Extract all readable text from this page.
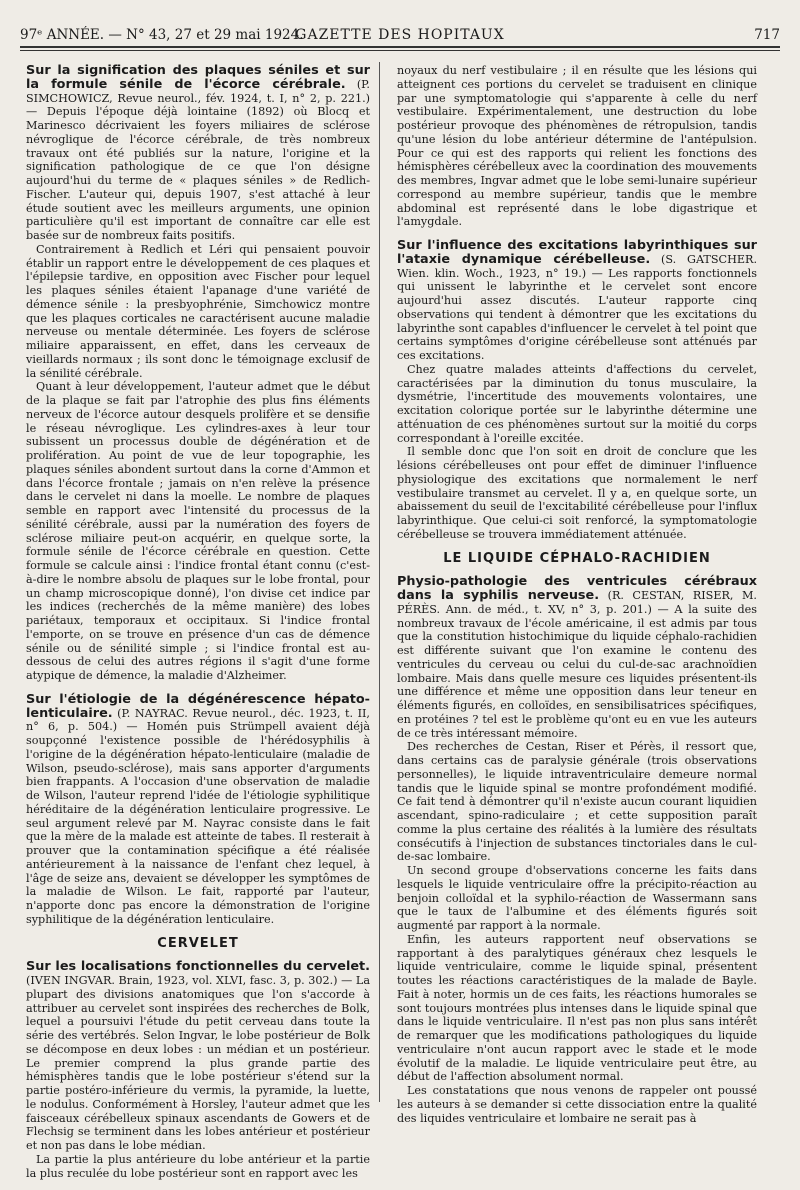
97ᵉ ANNÉE. — N° 43, 27 et 29 mai 1924.
GAZETTE DES HOPITAUX	717

Sur la signification des plaques séniles et sur la formule sénile de l'écorce cérébrale. (P. SIMCHOWICZ, Revue neurol., fév. 1924, t. I, n° 2, p. 221.) — Depuis l'époque déjà lointaine (1892) où Blocq et Marinesco décrivaient les foyers miliaires de sclérose névroglique de l'écorce cérébrale, de très nombreux travaux ont été publiés sur la nature, l'origine et la signification pathologique de ce que l'on désigne aujourd'hui du terme de « plaques séniles » de Redlich-Fischer. L'auteur qui, depuis 1907, s'est attaché à leur étude soutient avec les meilleurs arguments, une opinion particulière qu'il est important de connaître car elle est basée sur de nombreux faits positifs.

Contrairement à Redlich et Léri qui pensaient pouvoir établir un rapport entre le développement de ces plaques et l'épilepsie tardive, en opposition avec Fischer pour lequel les plaques séniles étaient l'apanage d'une variété de démence sénile : la presbyophrénie, Simchowicz montre que les plaques corticales ne caractérisent aucune maladie nerveuse ou mentale déterminée. Les foyers de sclérose miliaire apparaissent, en effet, dans les cerveaux de vieillards normaux ; ils sont donc le témoignage exclusif de la sénilité cérébrale.

Quant à leur développement, l'auteur admet que le début de la plaque se fait par l'atrophie des plus fins éléments nerveux de l'écorce autour desquels prolifère et se densifie le réseau névroglique. Les cylindres-axes à leur tour subissent un processus double de dégénération et de prolifération. Au point de vue de leur topographie, les plaques séniles abondent surtout dans la corne d'Ammon et dans l'écorce frontale ; jamais on n'en relève la présence dans le cervelet ni dans la moelle. Le nombre de plaques semble en rapport avec l'intensité du processus de la sénilité cérébrale, aussi par la numération des foyers de sclérose miliaire peut-on acquérir, en quelque sorte, la formule sénile de l'écorce cérébrale en question. Cette formule se calcule ainsi : l'indice frontal étant connu (c'est-à-dire le nombre absolu de plaques sur le lobe frontal, pour un champ microscopique donné), l'on divise cet indice par les indices (recherchés de la même manière) des lobes pariétaux, temporaux et occipitaux. Si l'indice frontal l'emporte, on se trouve en présence d'un cas de démence sénile ou de sénilité simple ; si l'indice frontal est au-dessous de celui des autres régions il s'agit d'une forme atypique de démence, la maladie d'Alzheimer.

Sur l'étiologie de la dégénérescence hépato-lenticulaire. (P. NAYRAC. Revue neurol., déc. 1923, t. II, n° 6, p. 504.) — Homén puis Strümpell avaient déjà soupçonné l'existence possible de l'hérédosyphilis à l'origine de la dégénération hépato-lenticulaire (maladie de Wilson, pseudo-sclérose), mais sans apporter d'arguments bien frappants. A l'occasion d'une observation de maladie de Wilson, l'auteur reprend l'idée de l'étiologie syphilitique héréditaire de la dégénération lenticulaire progressive. Le seul argument relevé par M. Nayrac consiste dans le fait que la mère de la malade est atteinte de tabes. Il resterait à prouver que la contamination spécifique a été réalisée antérieurement à la naissance de l'enfant chez lequel, à l'âge de seize ans, devaient se développer les symptômes de la maladie de Wilson. Le fait, rapporté par l'auteur, n'apporte donc pas encore la démonstration de l'origine syphilitique de la dégénération lenticulaire.

CERVELET

Sur les localisations fonctionnelles du cervelet. (IVEN INGVAR. Brain, 1923, vol. XLVI, fasc. 3, p. 302.) — La plupart des divisions anatomiques que l'on s'accorde à attribuer au cervelet sont inspirées des recherches de Bolk, lequel a poursuivi l'étude du petit cerveau dans toute la série des vertébrés. Selon Ingvar, le lobe postérieur de Bolk se décompose en deux lobes : un médian et un postérieur. Le premier comprend la plus grande partie des hémisphères tandis que le lobe postérieur s'étend sur la partie postéro-inférieure du vermis, la pyramide, la luette, le nodulus. Conformément à Horsley, l'auteur admet que les faisceaux cérébelleux spinaux ascendants de Gowers et de Flechsig se terminent dans les lobes antérieur et postérieur et non pas dans le lobe médian.

La partie la plus antérieure du lobe antérieur et la partie la plus reculée du lobe postérieur sont en rapport avec les

noyaux du nerf vestibulaire ; il en résulte que les lésions qui atteignent ces portions du cervelet se traduisent en clinique par une symptomatologie qui s'apparente à celle du nerf vestibulaire. Expérimentalement, une destruction du lobe postérieur provoque des phénomènes de rétropulsion, tandis qu'une lésion du lobe antérieur détermine de l'antépulsion. Pour ce qui est des rapports qui relient les fonctions des hémisphères cérébelleux avec la coordination des mouvements des membres, Ingvar admet que le lobe semi-lunaire supérieur correspond au membre supérieur, tandis que le membre abdominal est représenté dans le lobe digastrique et l'amygdale.

Sur l'influence des excitations labyrinthiques sur l'ataxie dynamique cérébelleuse. (S. GATSCHER. Wien. klin. Woch., 1923, n° 19.) — Les rapports fonctionnels qui unissent le labyrinthe et le cervelet sont encore aujourd'hui assez discutés. L'auteur rapporte cinq observations qui tendent à démontrer que les excitations du labyrinthe sont capables d'influencer le cervelet à tel point que certains symptômes d'origine cérébelleuse sont atténués par ces excitations.

Chez quatre malades atteints d'affections du cervelet, caractérisées par la diminution du tonus musculaire, la dysmétrie, l'incertitude des mouvements volontaires, une excitation colorique portée sur le labyrinthe détermine une atténuation de ces phénomènes surtout sur la moitié du corps correspondant à l'oreille excitée.

Il semble donc que l'on soit en droit de conclure que les lésions cérébelleuses ont pour effet de diminuer l'influence physiologique des excitations que normalement le nerf vestibulaire transmet au cervelet. Il y a, en quelque sorte, un abaissement du seuil de l'excitabilité cérébelleuse pour l'influx labyrinthique. Que celui-ci soit renforcé, la symptomatologie cérébelleuse se trouvera immédiatement atténuée.

LE LIQUIDE CÉPHALO-RACHIDIEN

Physio-pathologie des ventricules cérébraux dans la syphilis nerveuse. (R. CESTAN, RISER, M. PÉRÈS. Ann. de méd., t. XV, n° 3, p. 201.) — A la suite des nombreux travaux de l'école américaine, il est admis par tous que la constitution histochimique du liquide céphalo-rachidien est différente suivant que l'on examine le contenu des ventricules du cerveau ou celui du cul-de-sac arachnoïdien lombaire. Mais dans quelle mesure ces liquides présentent-ils une différence et même une opposition dans leur teneur en éléments figurés, en colloïdes, en sensibilisatrices spécifiques, en protéines ? tel est le problème qu'ont eu en vue les auteurs de ce très intéressant mémoire.

Des recherches de Cestan, Riser et Pérès, il ressort que, dans certains cas de paralysie générale (trois observations personnelles), le liquide intraventriculaire demeure normal tandis que le liquide spinal se montre profondément modifié. Ce fait tend à démontrer qu'il n'existe aucun courant liquidien ascendant, spino-radiculaire ; et cette supposition paraît comme la plus certaine des réalités à la lumière des résultats consécutifs à l'injection de substances tinctoriales dans le cul-de-sac lombaire.

Un second groupe d'observations concerne les faits dans lesquels le liquide ventriculaire offre la précipito-réaction au benjoin colloïdal et la syphilo-réaction de Wassermann sans que le taux de l'albumine et des éléments figurés soit augmenté par rapport à la normale.

Enfin, les auteurs rapportent neuf observations se rapportant à des paralytiques généraux chez lesquels le liquide ventriculaire, comme le liquide spinal, présentent toutes les réactions caractéristiques de la malade de Bayle. Fait à noter, hormis un de ces faits, les réactions humorales se sont toujours montrées plus intenses dans le liquide spinal que dans le liquide ventriculaire. Il n'est pas non plus sans intérêt de remarquer que les modifications pathologiques du liquide ventriculaire n'ont aucun rapport avec le stade et le mode évolutif de la maladie. Le liquide ventriculaire peut être, au début de l'affection absolument normal.

Les constatations que nous venons de rappeler ont poussé les auteurs à se demander si cette dissociation entre la qualité des liquides ventriculaire et lombaire ne serait pas à
